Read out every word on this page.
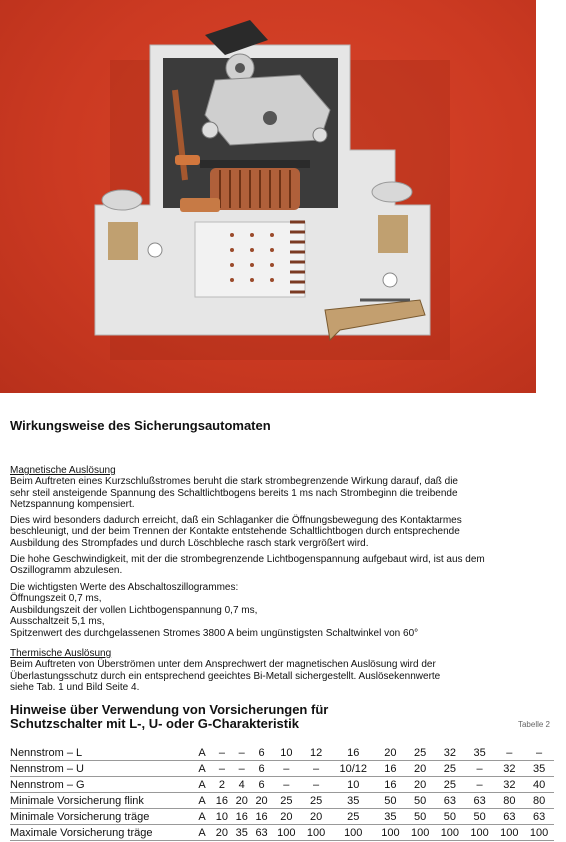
Wirkungsweise des Sicherungsautomaten
Magnetische Auslösung
Beim Auftreten eines Kurzschlußstromes beruht die stark strombegrenzende Wirkung darauf, daß die
sehr steil ansteigende Spannung des Schaltlichtbogens bereits 1 ms nach Strombeginn die treibende
Netzspannung kompensiert.
Dies wird besonders dadurch erreicht, daß ein Schlaganker die Öffnungsbewegung des Kontaktarmes
beschleunigt, und der beim Trennen der Kontakte entstehende Schaltlichtbogen durch entsprechende
Ausbildung des Strompfades und durch Löschbleche rasch stark vergrößert wird.
Die hohe Geschwindigkeit, mit der die strombegrenzende Lichtbogenspannung aufgebaut wird, ist aus dem
Oszillogramm abzulesen.
Die wichtigsten Werte des Abschaltoszillogrammes:
Öffnungszeit 0,7 ms,
Ausbildungszeit der vollen Lichtbogenspannung 0,7 ms,
Ausschaltzeit 5,1 ms,
Spitzenwert des durchgelassenen Stromes 3800 A beim ungünstigsten Schaltwinkel von 60°
Thermische Auslösung
Beim Auftreten von Überströmen unter dem Ansprechwert der magnetischen Auslösung wird der
Überlastungsschutz durch ein entsprechend geeichtes Bi-Metall sichergestellt. Auslösekennwerte
siehe Tab. 1 und Bild Seite 4.
Hinweise über Verwendung von Vorsicherungen für
Schutzschalter mit L-, U- oder G-Charakteristik	Tabelle 2
Nennstrom – L	A	–	–	6	10	12	16	20	25	32	35	–	–
Nennstrom – U	A	–	–	6	–	–	10/12	16	20	25	–	32	35
Nennstrom – G	A	2	4	6	–	–	10	16	20	25	–	32	40
Minimale Vorsicherung flink	A	16	20	20	25	25	35	50	50	63	63	80	80
Minimale Vorsicherung träge	A	10	16	16	20	20	25	35	50	50	50	63	63
Maximale Vorsicherung träge	A	20	35	63	100	100	100	100	100	100	100	100	100
